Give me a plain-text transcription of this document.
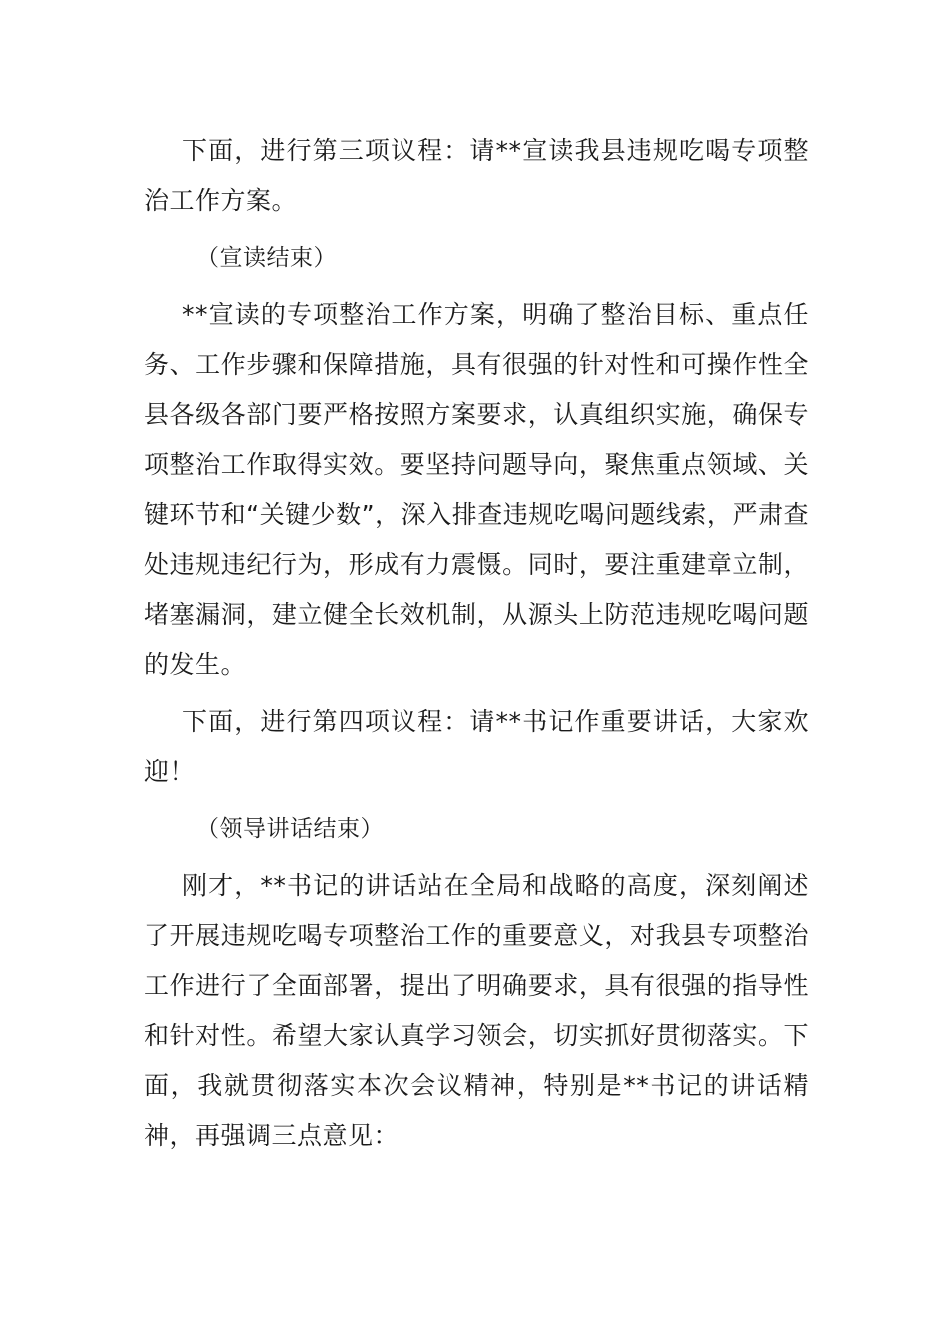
下面，进行第三项议程：请**宣读我县违规吃喝专项整治工作方案。

（宣读结束）

**宣读的专项整治工作方案，明确了整治目标、重点任务、工作步骤和保障措施，具有很强的针对性和可操作性全县各级各部门要严格按照方案要求，认真组织实施，确保专项整治工作取得实效。要坚持问题导向，聚焦重点领域、关键环节和“关键少数”，深入排查违规吃喝问题线索，严肃查处违规违纪行为，形成有力震慑。同时，要注重建章立制，堵塞漏洞，建立健全长效机制，从源头上防范违规吃喝问题的发生。

下面，进行第四项议程：请**书记作重要讲话，大家欢迎！

（领导讲话结束）

刚才，**书记的讲话站在全局和战略的高度，深刻阐述了开展违规吃喝专项整治工作的重要意义，对我县专项整治工作进行了全面部署，提出了明确要求，具有很强的指导性和针对性。希望大家认真学习领会，切实抓好贯彻落实。下面，我就贯彻落实本次会议精神，特别是**书记的讲话精神，再强调三点意见：
